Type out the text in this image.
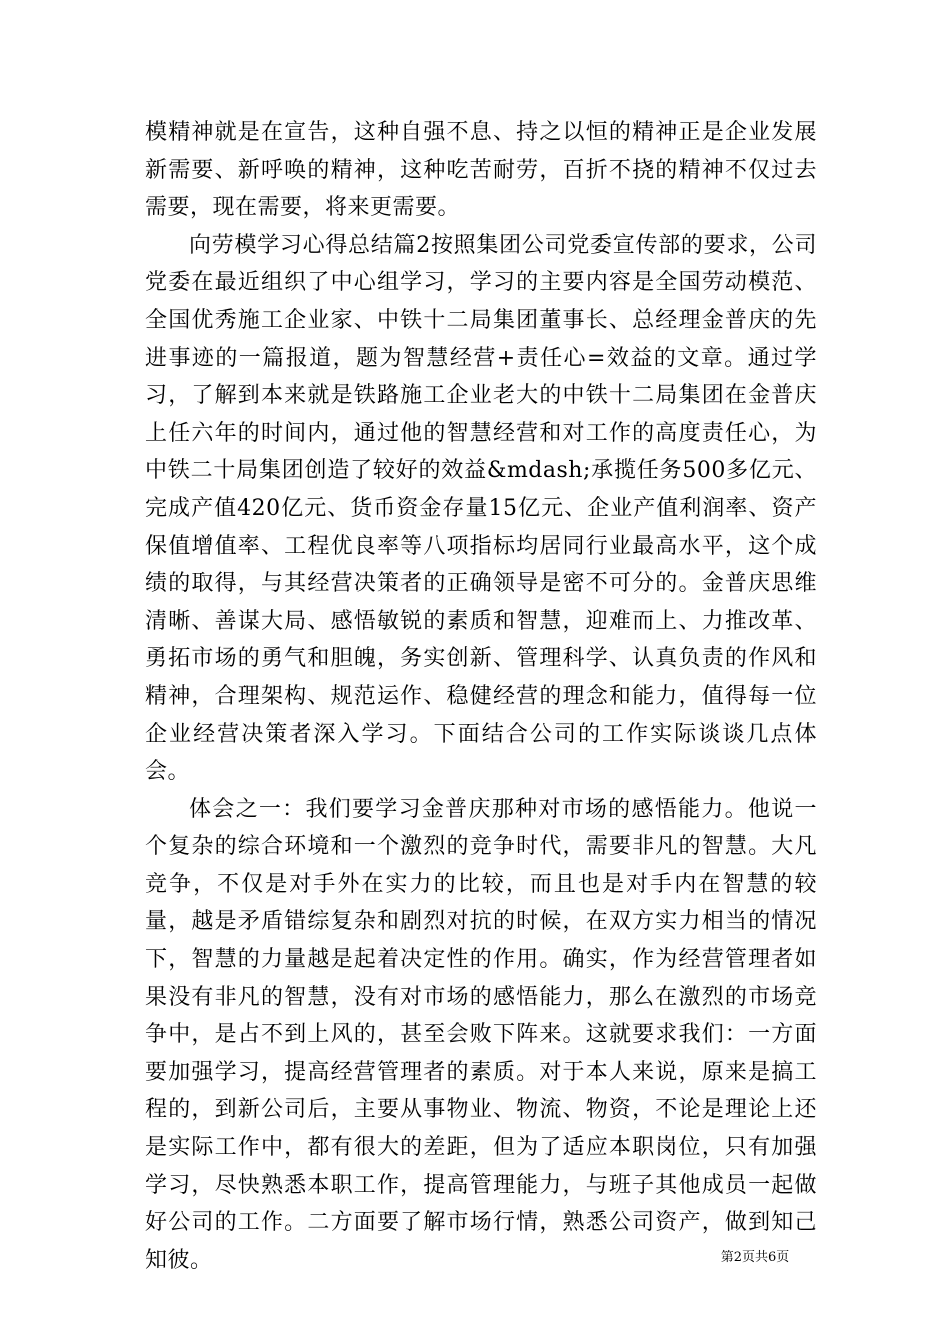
模精神就是在宣告，这种自强不息、持之以恒的精神正是企业发展新需要、新呼唤的精神，这种吃苦耐劳，百折不挠的精神不仅过去需要，现在需要，将来更需要。

向劳模学习心得总结篇2按照集团公司党委宣传部的要求，公司党委在最近组织了中心组学习，学习的主要内容是全国劳动模范、全国优秀施工企业家、中铁十二局集团董事长、总经理金普庆的先进事迹的一篇报道，题为智慧经营+责任心=效益的文章。通过学习，了解到本来就是铁路施工企业老大的中铁十二局集团在金普庆上任六年的时间内，通过他的智慧经营和对工作的高度责任心，为中铁二十局集团创造了较好的效益&mdash;承揽任务500多亿元、完成产值420亿元、货币资金存量15亿元、企业产值利润率、资产保值增值率、工程优良率等八项指标均居同行业最高水平，这个成绩的取得，与其经营决策者的正确领导是密不可分的。金普庆思维清晰、善谋大局、感悟敏锐的素质和智慧，迎难而上、力推改革、勇拓市场的勇气和胆魄，务实创新、管理科学、认真负责的作风和精神，合理架构、规范运作、稳健经营的理念和能力，值得每一位企业经营决策者深入学习。下面结合公司的工作实际谈谈几点体会。

体会之一：我们要学习金普庆那种对市场的感悟能力。他说一个复杂的综合环境和一个激烈的竞争时代，需要非凡的智慧。大凡竞争，不仅是对手外在实力的比较，而且也是对手内在智慧的较量，越是矛盾错综复杂和剧烈对抗的时候，在双方实力相当的情况下，智慧的力量越是起着决定性的作用。确实，作为经营管理者如果没有非凡的智慧，没有对市场的感悟能力，那么在激烈的市场竞争中，是占不到上风的，甚至会败下阵来。这就要求我们：一方面要加强学习，提高经营管理者的素质。对于本人来说，原来是搞工程的，到新公司后，主要从事物业、物流、物资，不论是理论上还是实际工作中，都有很大的差距，但为了适应本职岗位，只有加强学习，尽快熟悉本职工作，提高管理能力，与班子其他成员一起做好公司的工作。二方面要了解市场行情，熟悉公司资产，做到知己知彼。	第2页共6页
